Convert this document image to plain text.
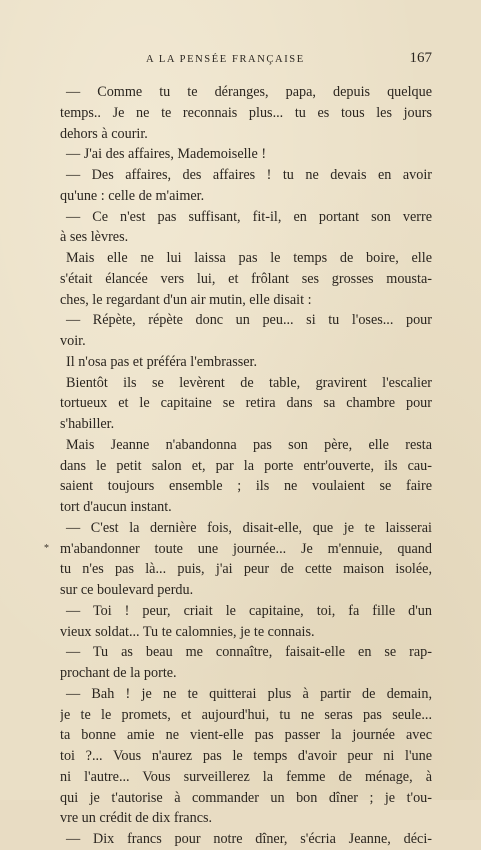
A LA PENSÉE FRANÇAISE	167
*
— Comme tu te déranges, papa, depuis quelque
temps.. Je ne te reconnais plus... tu es tous les jours
dehors à courir.
— J'ai des affaires, Mademoiselle !
— Des affaires, des affaires ! tu ne devais en avoir
qu'une : celle de m'aimer.
— Ce n'est pas suffisant, fit-il, en portant son verre
à ses lèvres.
Mais elle ne lui laissa pas le temps de boire, elle
s'était élancée vers lui, et frôlant ses grosses mousta-
ches, le regardant d'un air mutin, elle disait :
— Répète, répète donc un peu... si tu l'oses... pour
voir.
Il n'osa pas et préféra l'embrasser.
Bientôt ils se levèrent de table, gravirent l'escalier
tortueux et le capitaine se retira dans sa chambre pour
s'habiller.
Mais Jeanne n'abandonna pas son père, elle resta
dans le petit salon et, par la porte entr'ouverte, ils cau-
saient toujours ensemble ; ils ne voulaient se faire
tort d'aucun instant.
— C'est la dernière fois, disait-elle, que je te laisserai
m'abandonner toute une journée... Je m'ennuie, quand
tu n'es pas là... puis, j'ai peur de cette maison isolée,
sur ce boulevard perdu.
— Toi ! peur, criait le capitaine, toi, fa fille d'un
vieux soldat... Tu te calomnies, je te connais.
— Tu as beau me connaître, faisait-elle en se rap-
prochant de la porte.
— Bah ! je ne te quitterai plus à partir de demain,
je te le promets, et aujourd'hui, tu ne seras pas seule...
ta bonne amie ne vient-elle pas passer la journée avec
toi ?... Vous n'aurez pas le temps d'avoir peur ni l'une
ni l'autre... Vous surveillerez la femme de ménage, à
qui je t'autorise à commander un bon dîner ; je t'ou-
vre un crédit de dix francs.
— Dix francs pour notre dîner, s'écria Jeanne, déci-
